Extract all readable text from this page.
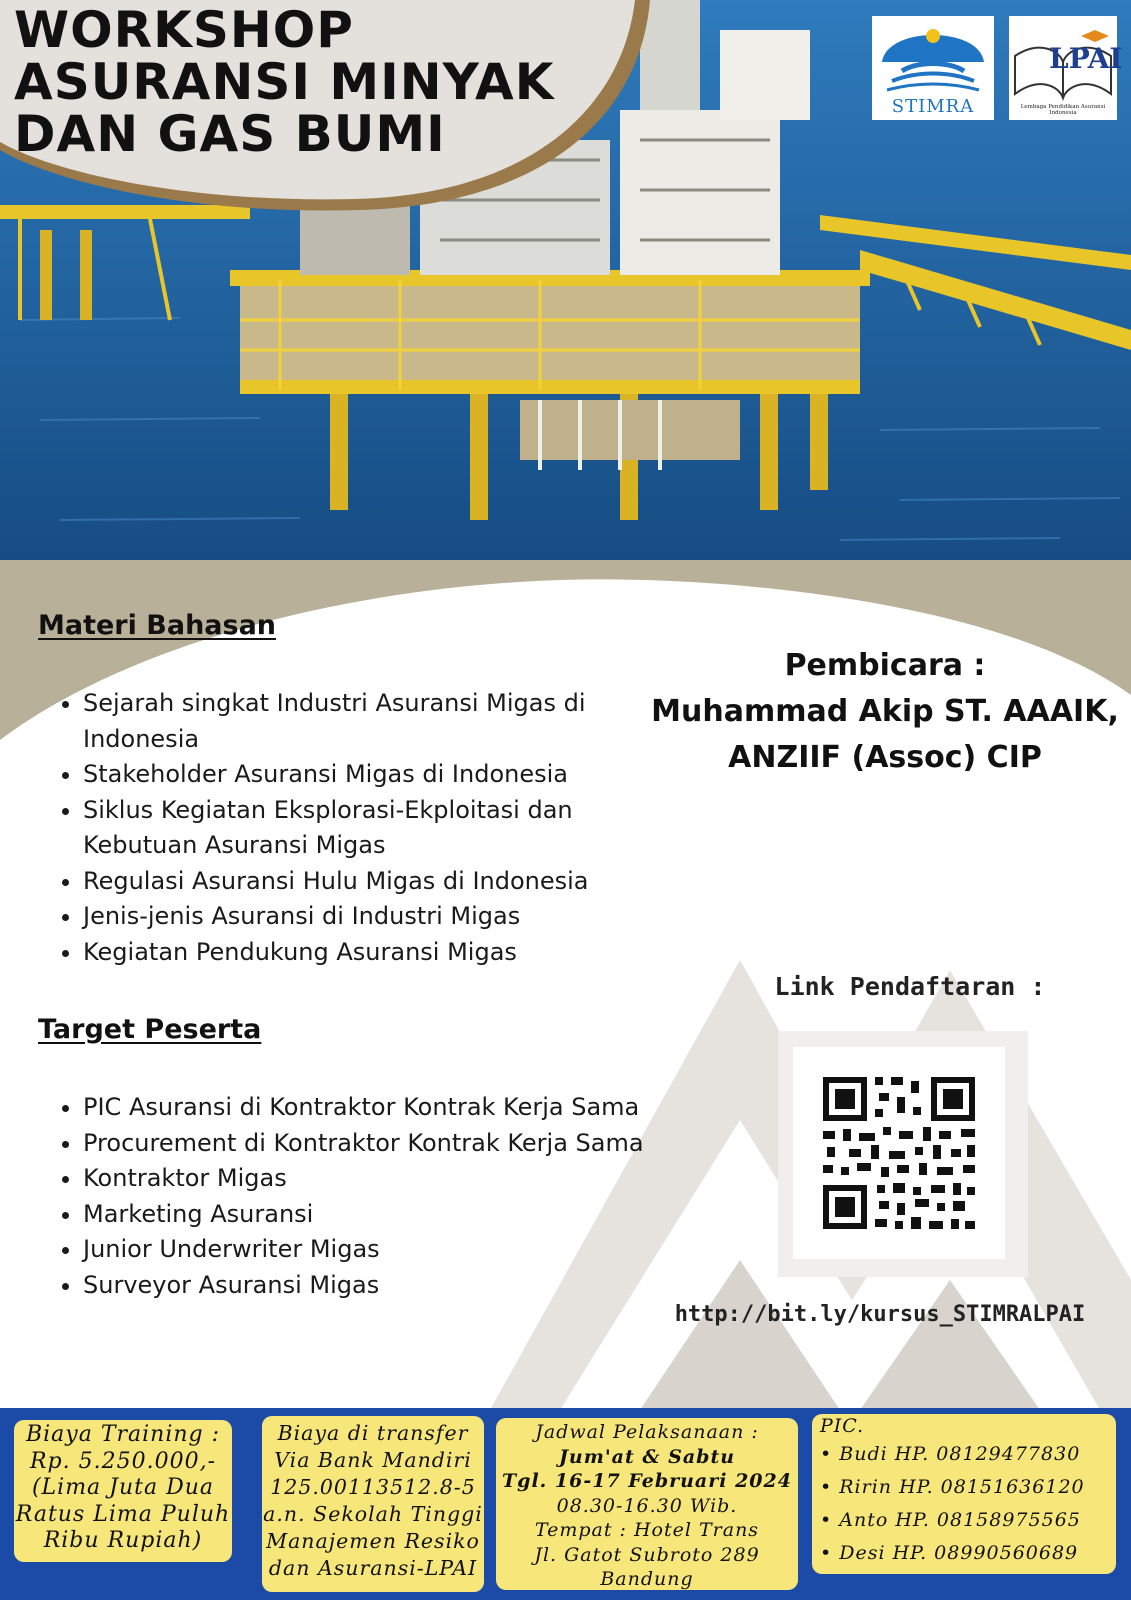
WORKSHOP
ASURANSI MINYAK
DAN GAS BUMI	STIMRA
LPAI
Lembaga Pendidikan Asuransi Indonesia
Materi Bahasan
• Sejarah singkat Industri Asuransi Migas di Indonesia
• Stakeholder Asuransi Migas di Indonesia
• Siklus Kegiatan Eksplorasi-Ekploitasi dan Kebutuan Asuransi Migas
• Regulasi Asuransi Hulu Migas di Indonesia
• Jenis-jenis Asuransi di Industri Migas
• Kegiatan Pendukung Asuransi Migas
Target Peserta
• PIC Asuransi di Kontraktor Kontrak Kerja Sama
• Procurement di Kontraktor Kontrak Kerja Sama
• Kontraktor Migas
• Marketing Asuransi
• Junior Underwriter Migas
• Surveyor Asuransi Migas
Pembicara :
Muhammad Akip ST. AAAIK,
ANZIIF (Assoc) CIP
Link Pendaftaran :
http://bit.ly/kursus_STIMRALPAI
Biaya Training :
Rp. 5.250.000,-
(Lima Juta Dua
Ratus Lima Puluh
Ribu Rupiah)
Biaya di transfer
Via Bank Mandiri
125.00113512.8-5
a.n. Sekolah Tinggi
Manajemen Resiko
dan Asuransi-LPAI
Jadwal Pelaksanaan :
Jum'at & Sabtu
Tgl. 16-17 Februari 2024
08.30-16.30 Wib.
Tempat : Hotel Trans
Jl. Gatot Subroto 289
Bandung
PIC.
• Budi HP. 08129477830
• Ririn HP. 08151636120
• Anto HP. 08158975565
• Desi HP. 08990560689
